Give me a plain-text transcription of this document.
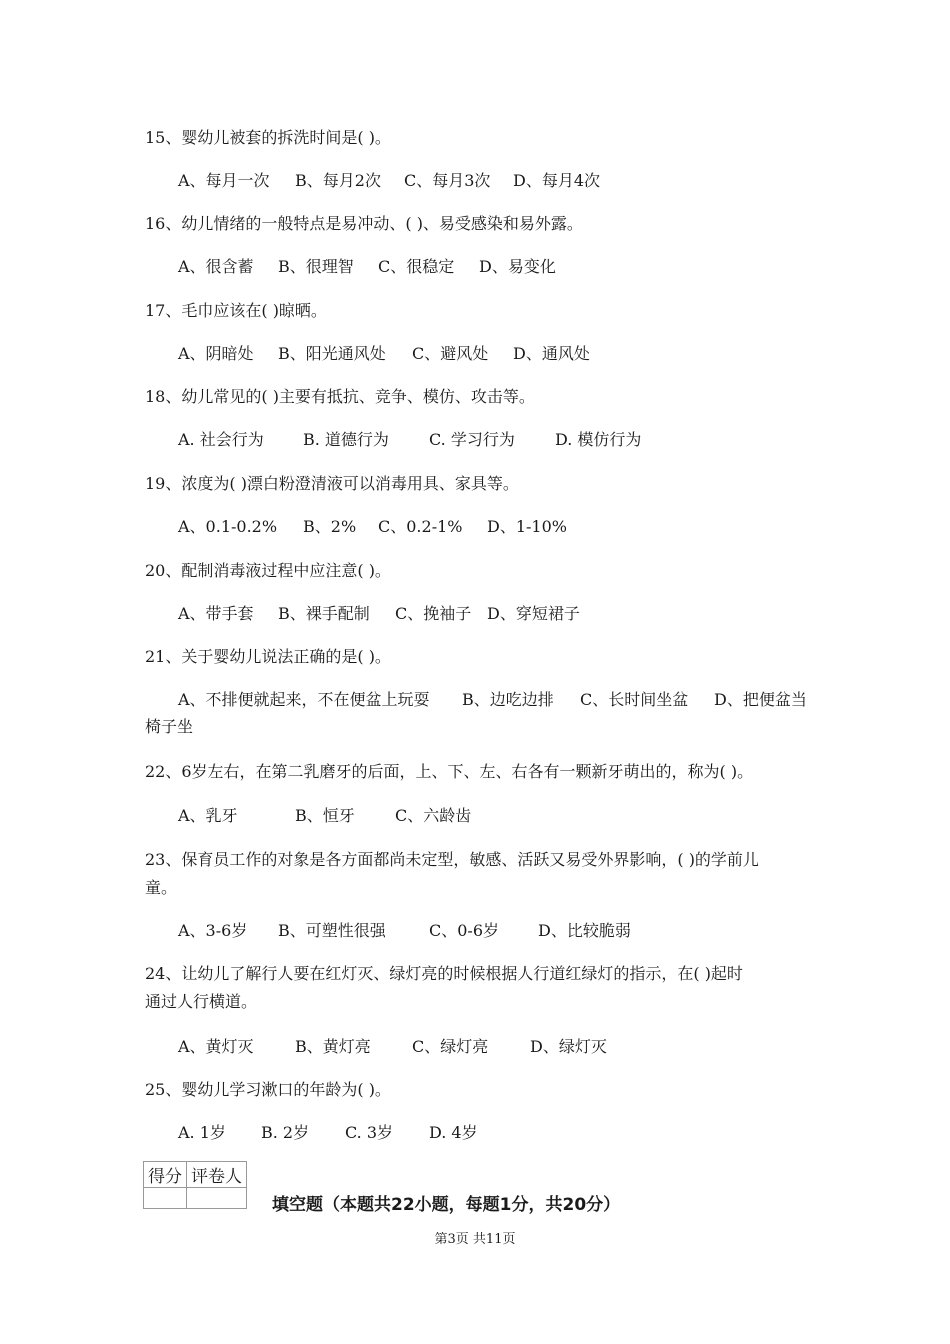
15、婴幼儿被套的拆洗时间是( )。
A、每月一次 B、每月2次 C、每月3次 D、每月4次
16、幼儿情绪的一般特点是易冲动、( )、易受感染和易外露。
A、很含蓄 B、很理智 C、很稳定 D、易变化
17、毛巾应该在( )晾晒。
A、阴暗处 B、阳光通风处 C、避风处 D、通风处
18、幼儿常见的( )主要有抵抗、竞争、模仿、攻击等。
A. 社会行为 B. 道德行为	C. 学习行为	D. 模仿行为
19、浓度为( )漂白粉澄清液可以消毒用具、家具等。
A、0.1-0.2% B、2% C、0.2-1% D、1-10%
20、配制消毒液过程中应注意( )。
A、带手套 B、裸手配制 C、挽袖子 D、穿短裙子
21、关于婴幼儿说法正确的是( )。
A、不排便就起来，不在便盆上玩耍 B、边吃边排 C、长时间坐盆 D、把便盆当
椅子坐
22、6岁左右，在第二乳磨牙的后面，上、下、左、右各有一颗新牙萌出的，称为( )。
A、乳牙	B、恒牙	C、六龄齿
23、保育员工作的对象是各方面都尚未定型，敏感、活跃又易受外界影响，( )的学前儿
童。
A、3-6岁 B、可塑性很强	C、0-6岁 D、比较脆弱
24、让幼儿了解行人要在红灯灭、绿灯亮的时候根据人行道红绿灯的指示，在( )起时
通过人行横道。
A、黄灯灭	B、黄灯亮	C、绿灯亮	D、绿灯灭
25、婴幼儿学习漱口的年龄为( )。
A. 1岁 B. 2岁 C. 3岁 D. 4岁
得分	评卷人

填空题（本题共22小题，每题1分，共20分）
第3页 共11页
